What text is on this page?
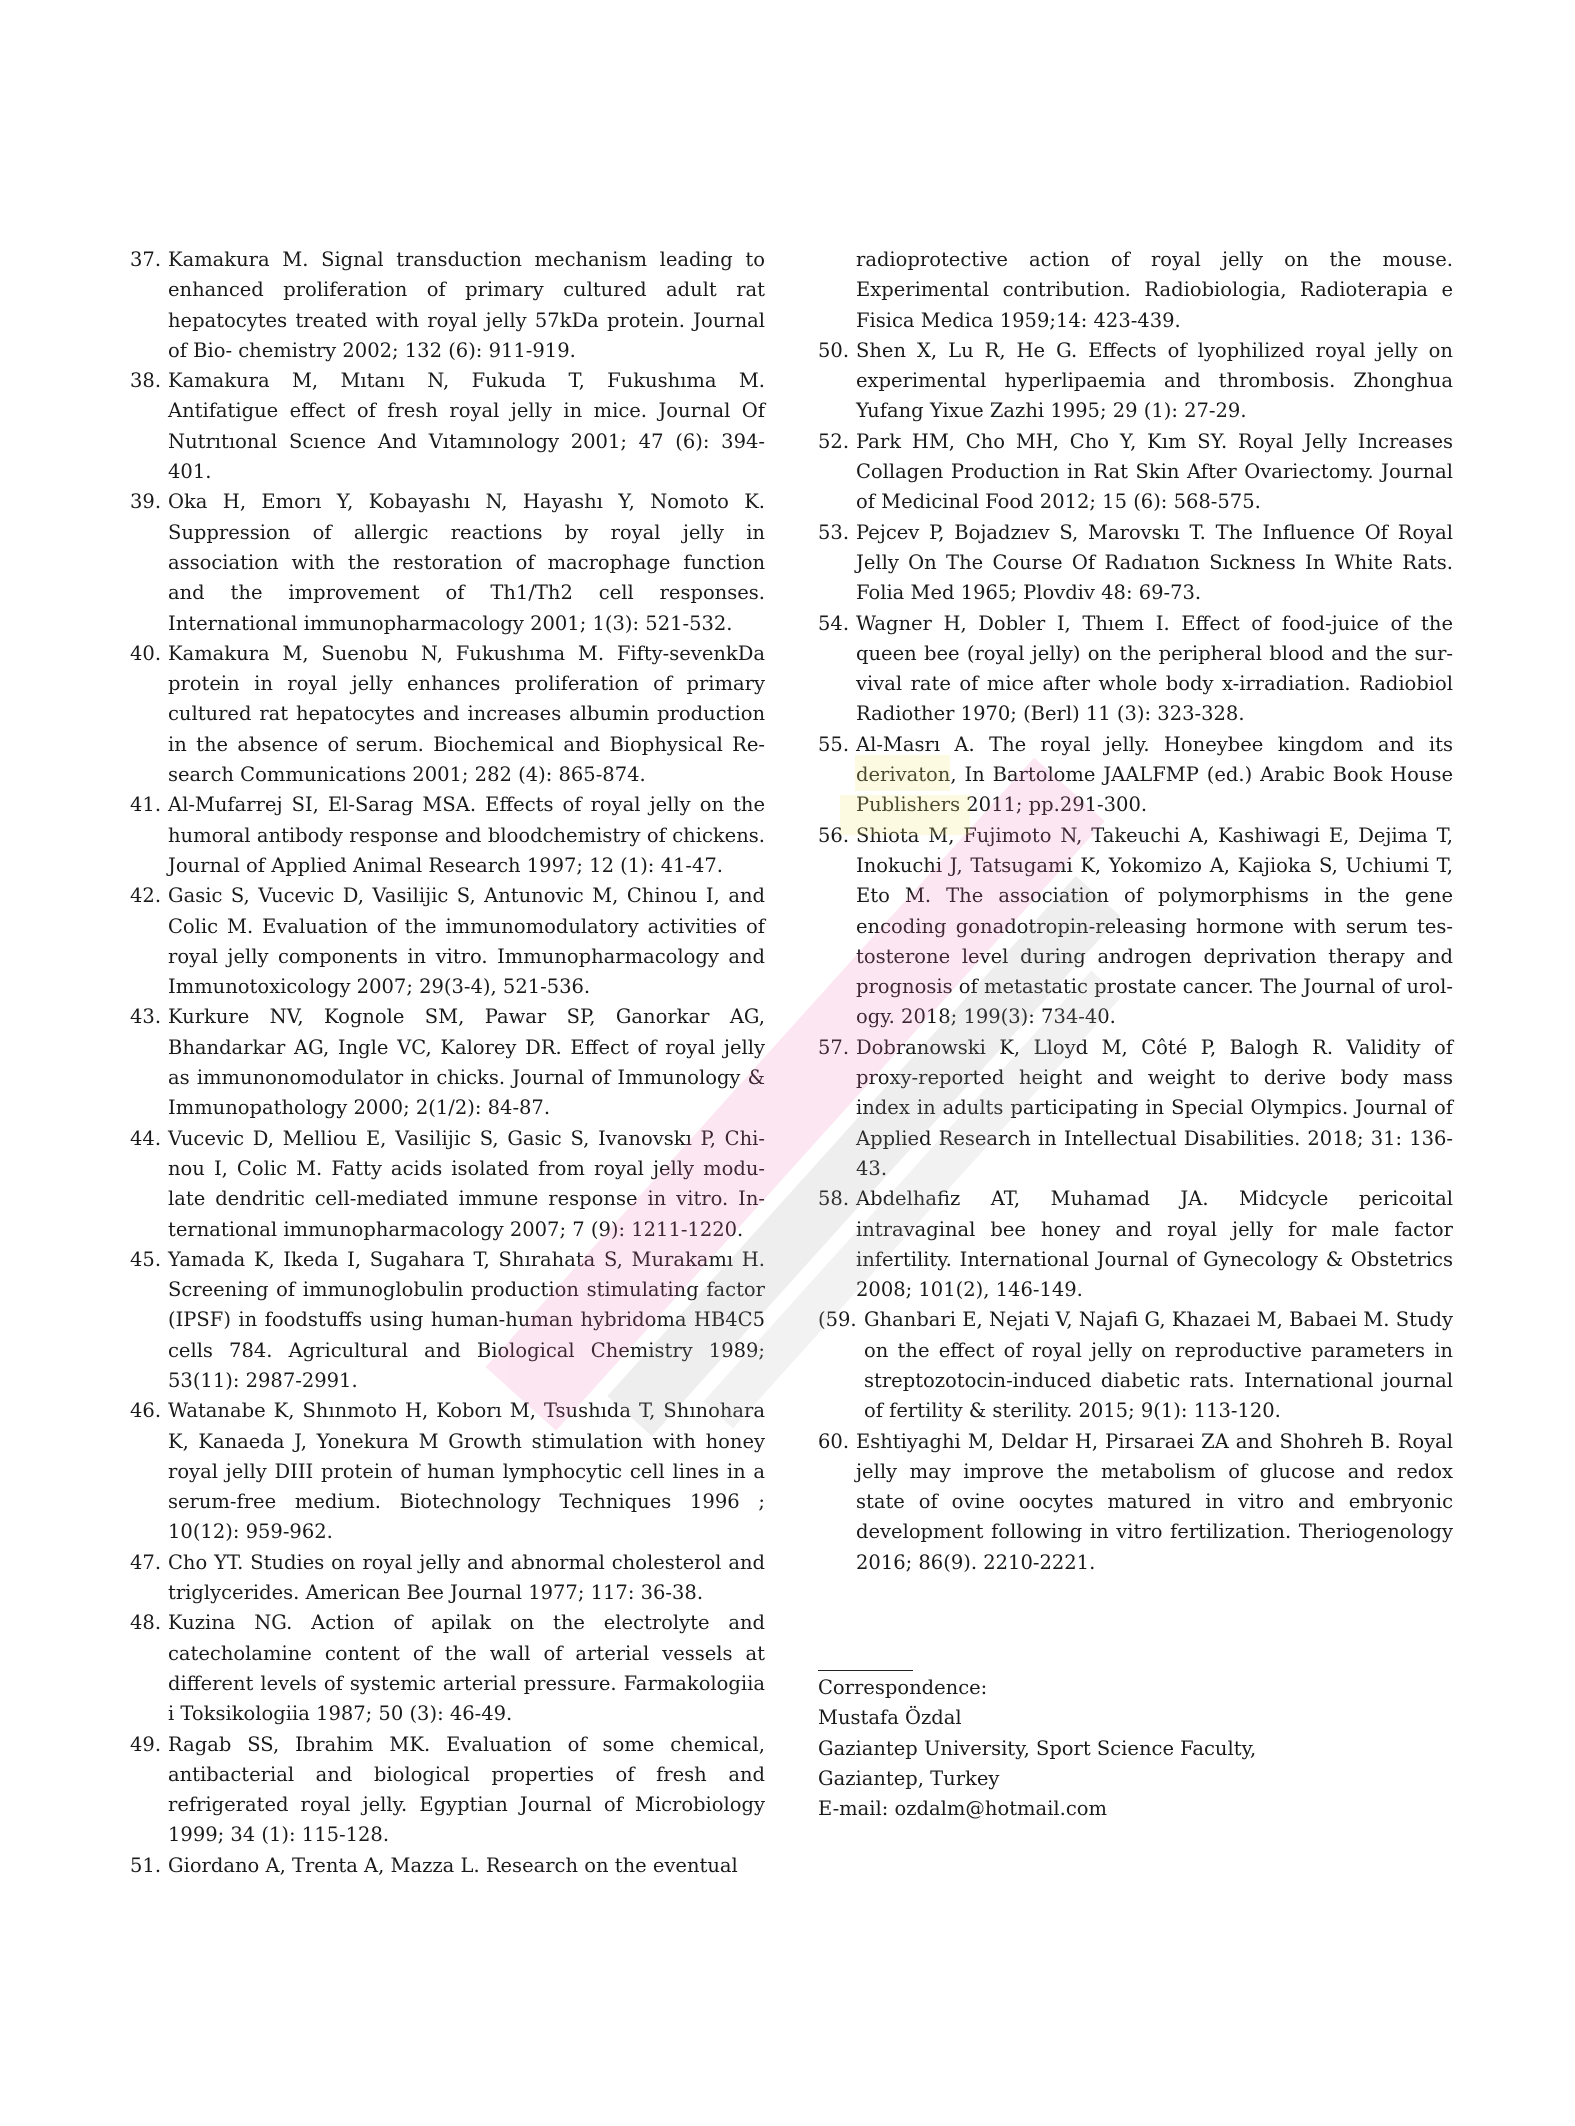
37. Kamakura M. Signal transduction mechanism leading to enhanced proliferation of primary cultured adult rat hepatocytes treated with royal jelly 57kDa protein. Journal of Bio- chemistry 2002; 132 (6): 911-919.
38. Kamakura M, Mıtanı N, Fukuda T, Fukushıma M. Antifatigue effect of fresh royal jelly in mice. Journal Of Nutrıtıonal Scıence And Vıtamınology 2001; 47 (6): 394-401.
39. Oka H, Emorı Y, Kobayashı N, Hayashı Y, Nomoto K. Suppression of allergic reactions by royal jelly in association with the restoration of macrophage function and the improvement of Th1/Th2 cell responses. International immunopharmacology 2001; 1(3): 521-532.
40. Kamakura M, Suenobu N, Fukushıma M. Fifty-sevenkDa protein in royal jelly enhances proliferation of primary cultured rat hepatocytes and increases albumin production in the absence of serum. Biochemical and Biophysical Re- search Communications 2001; 282 (4): 865-874.
41. Al-Mufarrej SI, El-Sarag MSA. Effects of royal jelly on the humoral antibody response and bloodchemistry of chickens. Journal of Applied Animal Research 1997; 12 (1): 41-47.
42. Gasic S, Vucevic D, Vasilijic S, Antunovic M, Chinou I, and Colic M. Evaluation of the immunomodulatory activities of royal jelly components in vitro. Immunopharmacology and Immunotoxicology 2007; 29(3-4), 521-536.
43. Kurkure NV, Kognole SM, Pawar SP, Ganorkar AG, Bhandarkar AG, Ingle VC, Kalorey DR. Effect of royal jelly as immunonomodulator in chicks. Journal of Immunology & Immunopathology 2000; 2(1/2): 84-87.
44. Vucevic D, Melliou E, Vasilijic S, Gasic S, Ivanovskı P, Chi- nou I, Colic M. Fatty acids isolated from royal jelly modu- late dendritic cell-mediated immune response in vitro. In- ternational immunopharmacology 2007; 7 (9): 1211-1220.
45. Yamada K, Ikeda I, Sugahara T, Shırahata S, Murakamı H. Screening of immunoglobulin production stimulating factor (IPSF) in foodstuffs using human-human hybridoma HB4C5 cells 784. Agricultural and Biological Chemistry 1989; 53(11): 2987-2991.
46. Watanabe K, Shınmoto H, Koborı M, Tsushıda T, Shınohara K, Kanaeda J, Yonekura M Growth stimulation with honey royal jelly DIII protein of human lymphocytic cell lines in a serum-free medium. Biotechnology Techniques 1996 ; 10(12): 959-962.
47. Cho YT. Studies on royal jelly and abnormal cholesterol and triglycerides. American Bee Journal 1977; 117: 36-38.
48. Kuzina NG. Action of apilak on the electrolyte and catecholamine content of the wall of arterial vessels at different levels of systemic arterial pressure. Farmakologiia i Toksikologiia 1987; 50 (3): 46-49.
49. Ragab SS, Ibrahim MK. Evaluation of some chemical, antibacterial and biological properties of fresh and refrigerated royal jelly. Egyptian Journal of Microbiology 1999; 34 (1): 115-128.
51. Giordano A, Trenta A, Mazza L. Research on the eventual
radioprotective action of royal jelly on the mouse. Experimental contribution. Radiobiologia, Radioterapia e Fisica Medica 1959;14: 423-439.
50. Shen X, Lu R, He G. Effects of lyophilized royal jelly on experimental hyperlipaemia and thrombosis. Zhonghua Yufang Yixue Zazhi 1995; 29 (1): 27-29.
52. Park HM, Cho MH, Cho Y, Kım SY. Royal Jelly Increases Collagen Production in Rat Skin After Ovariectomy. Journal of Medicinal Food 2012; 15 (6): 568-575.
53. Pejcev P, Bojadzıev S, Marovskı T. The Influence Of Royal Jelly On The Course Of Radıatıon Sıckness In White Rats. Folia Med 1965; Plovdiv 48: 69-73.
54. Wagner H, Dobler I, Thıem I. Effect of food-juice of the queen bee (royal jelly) on the peripheral blood and the sur- vival rate of mice after whole body x-irradiation. Radiobiol Radiother 1970; (Berl) 11 (3): 323-328.
55. Al-Masrı A. The royal jelly. Honeybee kingdom and its derivaton, In Bartolome JAALFMP (ed.) Arabic Book House Publishers 2011; pp.291-300.
56. Shiota M, Fujimoto N, Takeuchi A, Kashiwagi E, Dejima T, Inokuchi J, Tatsugami K, Yokomizo A, Kajioka S, Uchiumi T, Eto M. The association of polymorphisms in the gene encoding gonadotropin-releasing hormone with serum tes- tosterone level during androgen deprivation therapy and prognosis of metastatic prostate cancer. The Journal of urol- ogy. 2018; 199(3): 734-40.
57. Dobranowski K, Lloyd M, Côté P, Balogh R. Validity of proxy-reported height and weight to derive body mass index in adults participating in Special Olympics. Journal of Applied Research in Intellectual Disabilities. 2018; 31: 136-43.
58. Abdelhafiz AT, Muhamad JA. Midcycle pericoital intravaginal bee honey and royal jelly for male factor infertility. International Journal of Gynecology & Obstetrics 2008; 101(2), 146-149.
(59. Ghanbari E, Nejati V, Najafi G, Khazaei M, Babaei M. Study on the effect of royal jelly on reproductive parameters in streptozotocin-induced diabetic rats. International journal of fertility & sterility. 2015; 9(1): 113-120.
60. Eshtiyaghi M, Deldar H, Pirsaraei ZA and Shohreh B. Royal jelly may improve the metabolism of glucose and redox state of ovine oocytes matured in vitro and embryonic development following in vitro fertilization. Theriogenology 2016; 86(9). 2210-2221.
Correspondence:
Mustafa Özdal
Gaziantep University, Sport Science Faculty,
Gaziantep, Turkey
E-mail: ozdalm@hotmail.com
